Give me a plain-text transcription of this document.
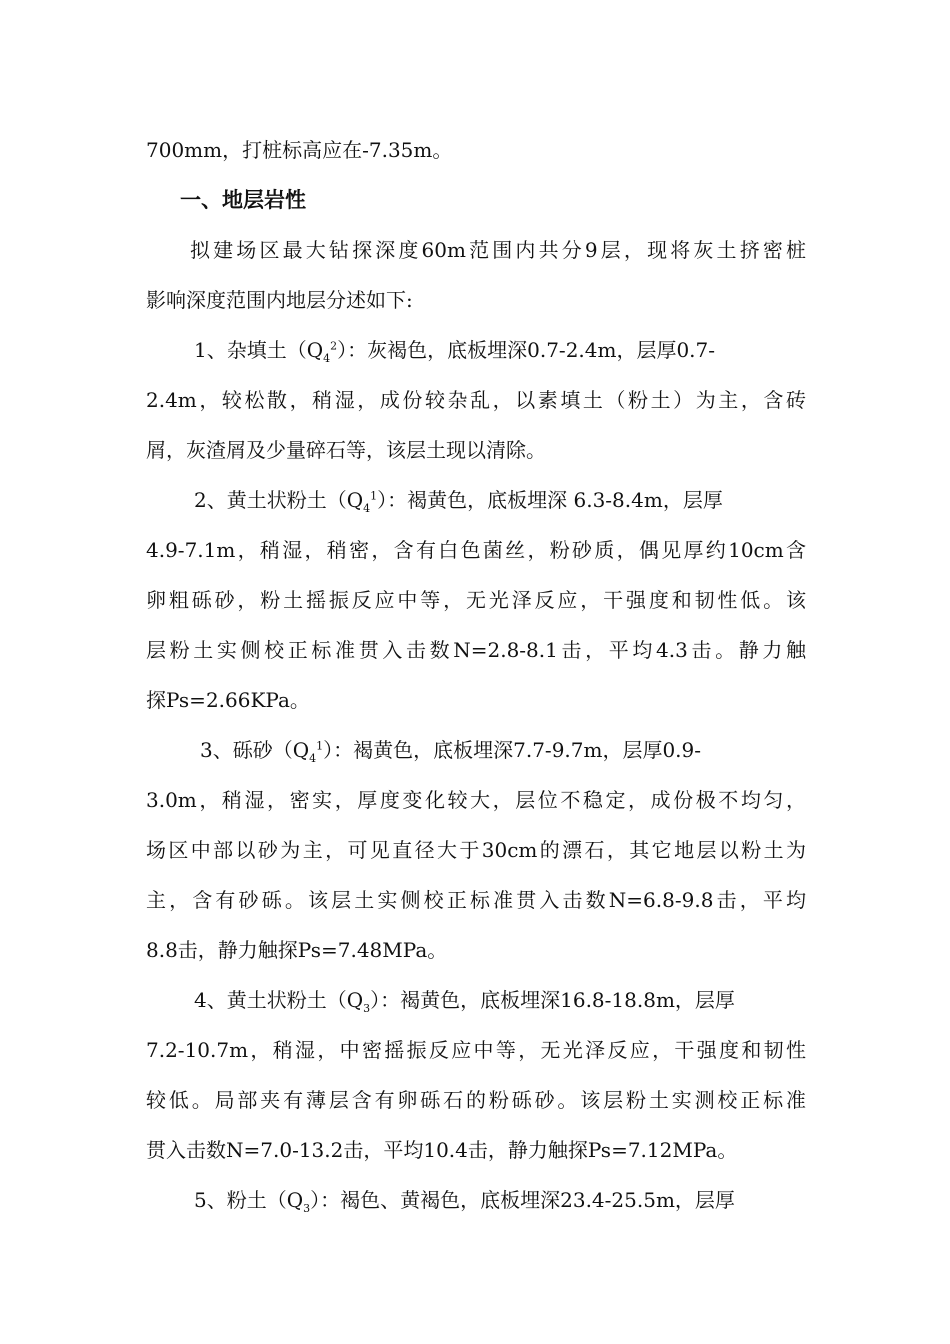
700mm，打桩标高应在-7.35m。
一、地层岩性
拟建场区最大钻探深度60m范围内共分9层，现将灰土挤密桩
影响深度范围内地层分述如下:
1、杂填土$(Q_4^2)$：灰褐色，底板埋深0.7-2.4m，层厚0.7-
2.4m，较松散，稍湿，成份较杂乱，以素填土（粉土）为主，含砖
屑，灰渣屑及少量碎石等，该层土现以清除。
2、黄土状粉土$(Q_4^1)$：褐黄色，底板埋深 6.3-8.4m，层厚
4.9-7.1m，稍湿，稍密，含有白色菌丝，粉砂质，偶见厚约10cm含
卵粗砾砂，粉土摇振反应中等，无光泽反应，干强度和韧性低。该
层粉土实侧校正标准贯入击数N=2.8-8.1击，平均4.3击。静力触
探Ps=2.66KPa。
3、砾砂$(Q_4^1)$：褐黄色，底板埋深7.7-9.7m，层厚0.9-
3.0m，稍湿，密实，厚度变化较大，层位不稳定，成份极不均匀，
场区中部以砂为主，可见直径大于30cm的漂石，其它地层以粉土为
主，含有砂砾。该层土实侧校正标准贯入击数N=6.8-9.8击，平均
8.8击，静力触探Ps=7.48MPa。
4、黄土状粉土$(Q_3)$：褐黄色，底板埋深16.8-18.8m，层厚
7.2-10.7m，稍湿，中密摇振反应中等，无光泽反应，干强度和韧性
较低。局部夹有薄层含有卵砾石的粉砾砂。该层粉土实测校正标准
贯入击数N=7.0-13.2击，平均10.4击，静力触探Ps=7.12MPa。
5、粉土$(Q_3)$：褐色、黄褐色，底板埋深23.4-25.5m，层厚
